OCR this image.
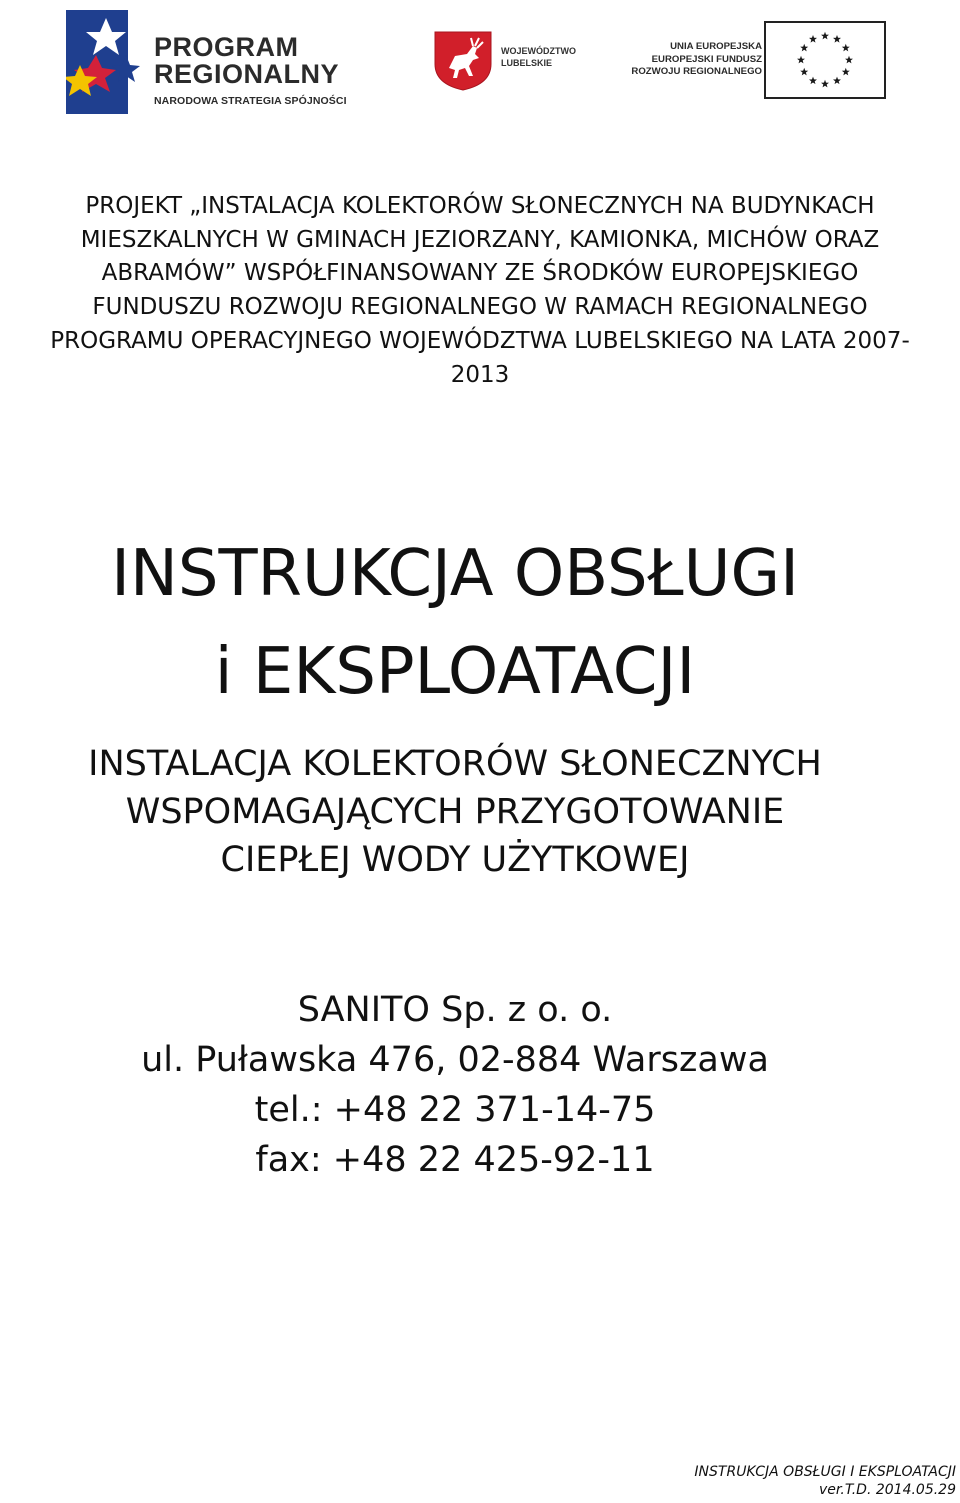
PROGRAM
REGIONALNY
NARODOWA STRATEGIA SPÓJNOŚCI
WOJEWÓDZTWO
LUBELSKIE
UNIA EUROPEJSKA
EUROPEJSKI FUNDUSZ
ROZWOJU REGIONALNEGO
PROJEKT „INSTALACJA KOLEKTORÓW SŁONECZNYCH NA BUDYNKACH
MIESZKALNYCH W GMINACH JEZIORZANY, KAMIONKA, MICHÓW ORAZ
ABRAMÓW” WSPÓŁFINANSOWANY ZE ŚRODKÓW EUROPEJSKIEGO
FUNDUSZU ROZWOJU REGIONALNEGO W RAMACH REGIONALNEGO
PROGRAMU OPERACYJNEGO WOJEWÓDZTWA LUBELSKIEGO NA LATA 2007-
2013
INSTRUKCJA OBSŁUGI
i EKSPLOATACJI
INSTALACJA KOLEKTORÓW SŁONECZNYCH
WSPOMAGAJĄCYCH PRZYGOTOWANIE
CIEPŁEJ WODY UŻYTKOWEJ
SANITO Sp. z o. o.
ul. Puławska 476, 02-884 Warszawa
tel.: +48 22 371-14-75
fax: +48 22 425-92-11
INSTRUKCJA OBSŁUGI I EKSPLOATACJI
ver.T.D. 2014.05.29
